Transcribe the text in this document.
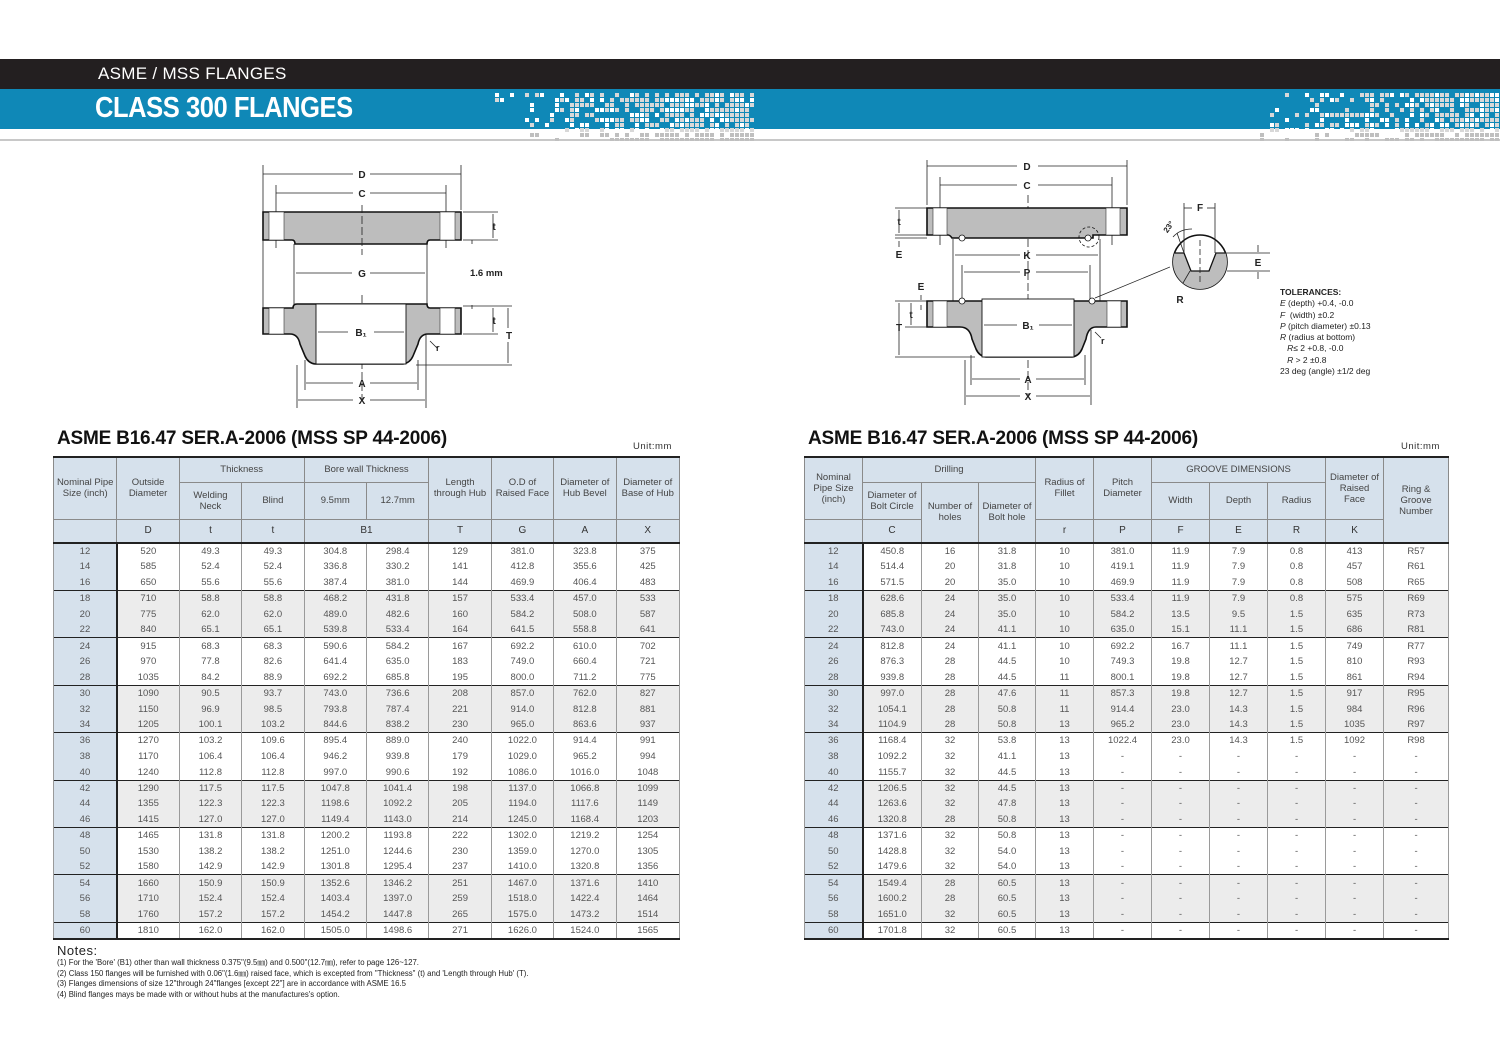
ASME / MSS FLANGES
CLASS 300 FLANGES
D
C
G
t
1.6 mm
t
T
B₁
r
A
X
D
C
K
P
t
E
E
t
T	B₁
r
A
X
F
E
R
23°
TOLERANCES:
E (depth) +0.4, -0.0
F  (width) ±0.2
P (pitch diameter) ±0.13
R (radius at bottom)
R≤ 2 +0.8, -0.0
R > 2 ±0.8
23 deg (angle) ±1/2 deg
ASME B16.47 SER.A-2006 (MSS SP 44-2006)	Unit:mm
Nominal Pipe Size (inch)	Outside Diameter	Thickness		Bore wall Thickness		Length through Hub	O.D of Raised Face	Diameter of Hub Bevel	Diameter of Base of Hub
		Welding Neck	Blind	9.5mm	12.7mm				
	D	t	t	B1		T	G	A	X
12	520	49.3	49.3	304.8	298.4	129	381.0	323.8	375
14	585	52.4	52.4	336.8	330.2	141	412.8	355.6	425
16	650	55.6	55.6	387.4	381.0	144	469.9	406.4	483
18	710	58.8	58.8	468.2	431.8	157	533.4	457.0	533
20	775	62.0	62.0	489.0	482.6	160	584.2	508.0	587
22	840	65.1	65.1	539.8	533.4	164	641.5	558.8	641
24	915	68.3	68.3	590.6	584.2	167	692.2	610.0	702
26	970	77.8	82.6	641.4	635.0	183	749.0	660.4	721
28	1035	84.2	88.9	692.2	685.8	195	800.0	711.2	775
30	1090	90.5	93.7	743.0	736.6	208	857.0	762.0	827
32	1150	96.9	98.5	793.8	787.4	221	914.0	812.8	881
34	1205	100.1	103.2	844.6	838.2	230	965.0	863.6	937
36	1270	103.2	109.6	895.4	889.0	240	1022.0	914.4	991
38	1170	106.4	106.4	946.2	939.8	179	1029.0	965.2	994
40	1240	112.8	112.8	997.0	990.6	192	1086.0	1016.0	1048
42	1290	117.5	117.5	1047.8	1041.4	198	1137.0	1066.8	1099
44	1355	122.3	122.3	1198.6	1092.2	205	1194.0	1117.6	1149
46	1415	127.0	127.0	1149.4	1143.0	214	1245.0	1168.4	1203
48	1465	131.8	131.8	1200.2	1193.8	222	1302.0	1219.2	1254
50	1530	138.2	138.2	1251.0	1244.6	230	1359.0	1270.0	1305
52	1580	142.9	142.9	1301.8	1295.4	237	1410.0	1320.8	1356
54	1660	150.9	150.9	1352.6	1346.2	251	1467.0	1371.6	1410
56	1710	152.4	152.4	1403.4	1397.0	259	1518.0	1422.4	1464
58	1760	157.2	157.2	1454.2	1447.8	265	1575.0	1473.2	1514
60	1810	162.0	162.0	1505.0	1498.6	271	1626.0	1524.0	1565
ASME B16.47 SER.A-2006 (MSS SP 44-2006)	Unit:mm
Nominal Pipe Size (inch)	Drilling			Radius of Fillet	Pitch Diameter	GROOVE DIMENSIONS			Diameter of Raised Face	Ring & Groove Number
	Diameter of Bolt Circle	Number of holes	Diameter of Bolt hole			Width	Depth	Radius		
	C			r	P	F	E	R	K	
12	450.8	16	31.8	10	381.0	11.9	7.9	0.8	413	R57
14	514.4	20	31.8	10	419.1	11.9	7.9	0.8	457	R61
16	571.5	20	35.0	10	469.9	11.9	7.9	0.8	508	R65
18	628.6	24	35.0	10	533.4	11.9	7.9	0.8	575	R69
20	685.8	24	35.0	10	584.2	13.5	9.5	1.5	635	R73
22	743.0	24	41.1	10	635.0	15.1	11.1	1.5	686	R81
24	812.8	24	41.1	10	692.2	16.7	11.1	1.5	749	R77
26	876.3	28	44.5	10	749.3	19.8	12.7	1.5	810	R93
28	939.8	28	44.5	11	800.1	19.8	12.7	1.5	861	R94
30	997.0	28	47.6	11	857.3	19.8	12.7	1.5	917	R95
32	1054.1	28	50.8	11	914.4	23.0	14.3	1.5	984	R96
34	1104.9	28	50.8	13	965.2	23.0	14.3	1.5	1035	R97
36	1168.4	32	53.8	13	1022.4	23.0	14.3	1.5	1092	R98
38	1092.2	32	41.1	13	-	-	-	-	-	-
40	1155.7	32	44.5	13	-	-	-	-	-	-
42	1206.5	32	44.5	13	-	-	-	-	-	-
44	1263.6	32	47.8	13	-	-	-	-	-	-
46	1320.8	28	50.8	13	-	-	-	-	-	-
48	1371.6	32	50.8	13	-	-	-	-	-	-
50	1428.8	32	54.0	13	-	-	-	-	-	-
52	1479.6	32	54.0	13	-	-	-	-	-	-
54	1549.4	28	60.5	13	-	-	-	-	-	-
56	1600.2	28	60.5	13	-	-	-	-	-	-
58	1651.0	32	60.5	13	-	-	-	-	-	-
60	1701.8	32	60.5	13	-	-	-	-	-	-
Notes:
(1) For the 'Bore' (B1) other than wall thickness 0.375"(9.5㎜) and 0.500"(12.7㎜), refer to page 126~127.
(2) Class 150 flanges will be furnished with 0.06"(1.6㎜) raised face, which is excepted from "Thickness" (t) and 'Length through Hub' (T).
(3) Flanges dimensions of size 12"through 24"flanges [except 22"] are in accordance with ASME 16.5
(4) Blind flanges mays be made with or without hubs at the manufactures's option.
